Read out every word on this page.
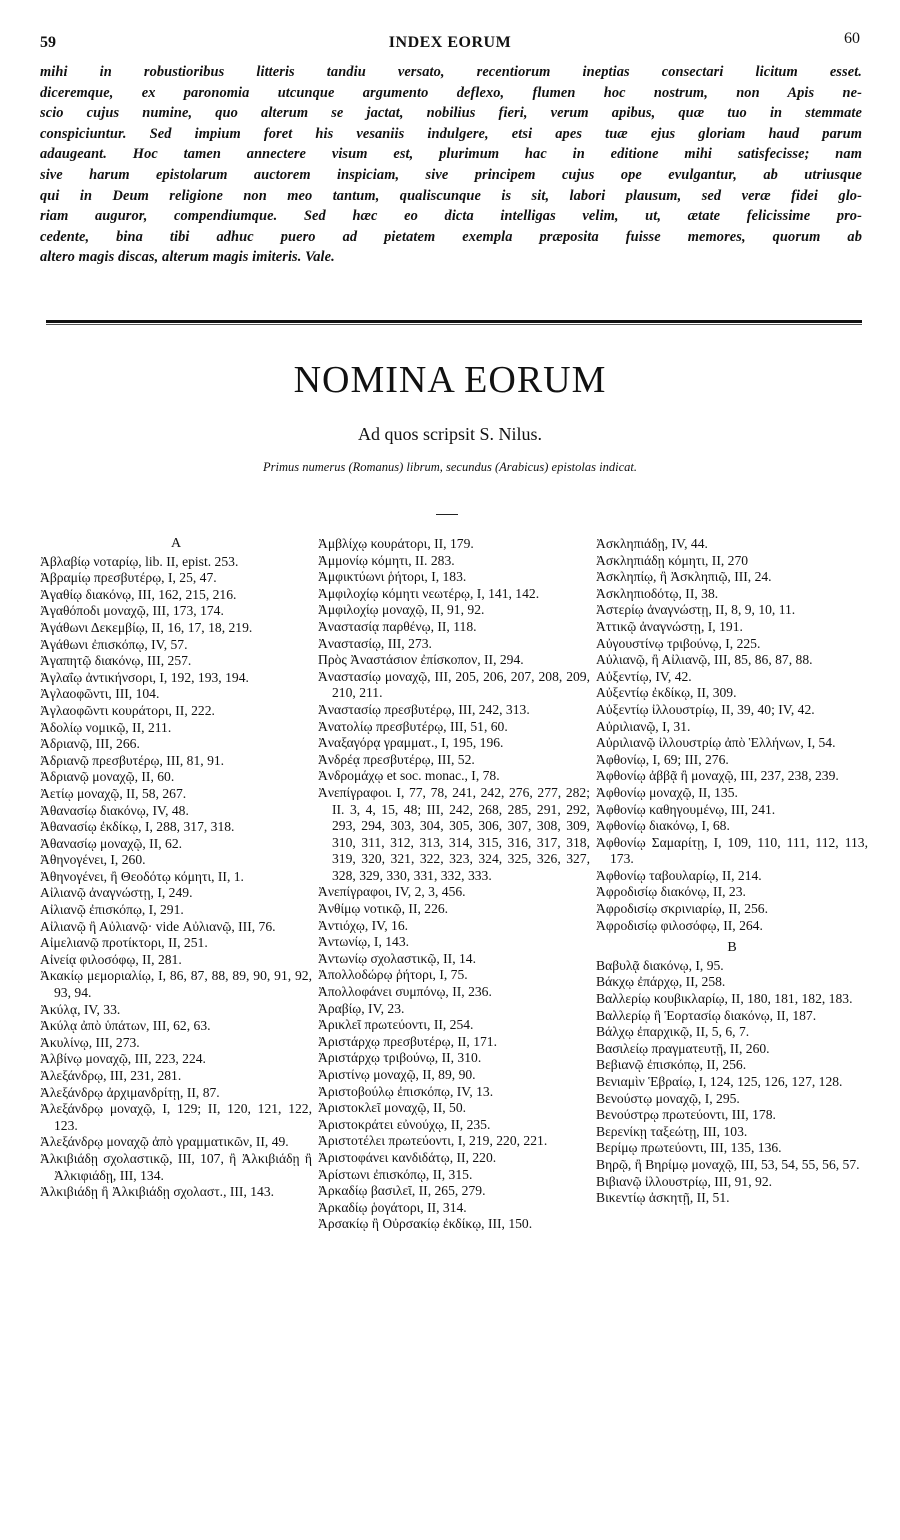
59	INDEX EORUM	60
mihi in robustioribus litteris tandiu versato, recentiorum ineptias consectari licitum esset.
diceremque, ex paronomia utcunque argumento deflexo, flumen hoc nostrum, non Apis ne-
scio cujus numine, quo alterum se jactat, nobilius fieri, verum apibus, quæ tuo in stemmate
conspiciuntur. Sed impium foret his vesaniis indulgere, etsi apes tuæ ejus gloriam haud parum
adaugeant. Hoc tamen annectere visum est, plurimum hac in editione mihi satisfecisse; nam
sive harum epistolarum auctorem inspiciam, sive principem cujus ope evulgantur, ab utriusque
qui in Deum religione non meo tantum, qualiscunque is sit, labori plausum, sed veræ fidei glo-
riam auguror, compendiumque. Sed hæc eo dicta intelligas velim, ut, ætate felicissime pro-
cedente, bina tibi adhuc puero ad pietatem exempla præposita fuisse memores, quorum ab
altero magis discas, alterum magis imiteris. Vale.
NOMINA EORUM
Ad quos scripsit S. Nilus.
Primus numerus (Romanus) librum, secundus (Arabicus) epistolas indicat.
A
Ἀβλαβίῳ νοταρίῳ, lib. II, epist. 253.
Ἀβραμίῳ πρεσβυτέρῳ, I, 25, 47.
Ἀγαθίῳ διακόνῳ, III, 162, 215, 216.
Ἀγαθόποδι μοναχῷ, III, 173, 174.
Ἀγάθωνι Δεκεμβίῳ, II, 16, 17, 18, 219.
Ἀγάθωνι ἐπισκόπῳ, IV, 57.
Ἀγαπητῷ διακόνῳ, III, 257.
Ἀγλαΐῳ ἀντικήνσορι, I, 192, 193, 194.
Ἀγλαοφῶντι, III, 104.
Ἀγλαοφῶντι κουράτορι, II, 222.
Ἀδολίῳ νομικῷ, II, 211.
Ἀδριανῷ, III, 266.
Ἀδριανῷ πρεσβυτέρῳ, III, 81, 91.
Ἀδριανῷ μοναχῷ, II, 60.
Ἀετίῳ μοναχῷ, II, 58, 267.
Ἀθανασίῳ διακόνῳ, IV, 48.
Ἀθανασίῳ ἐκδίκῳ, I, 288, 317, 318.
Ἀθανασίῳ μοναχῷ, II, 62.
Ἀθηνογένει, I, 260.
Ἀθηνογένει, ἢ Θεοδότῳ κόμητι, II, 1.
Αἰλιανῷ ἀναγνώστῃ, I, 249.
Αἰλιανῷ ἐπισκόπῳ, I, 291.
Αἰλιανῷ ἢ Αὐλιανῷ· vide Αὐλιανῷ, III, 76.
Αἰμελιανῷ προτίκτορι, II, 251.
Αἰνείᾳ φιλοσόφῳ, II, 281.
Ἀκακίῳ μεμοριαλίῳ, I, 86, 87, 88, 89, 90, 91, 92, 93, 94.
Ἀκύλᾳ, IV, 33.
Ἀκύλᾳ ἀπὸ ὑπάτων, III, 62, 63.
Ἀκυλίνῳ, III, 273.
Ἀλβίνῳ μοναχῷ, III, 223, 224.
Ἀλεξάνδρῳ, III, 231, 281.
Ἀλεξάνδρῳ ἀρχιμανδρίτῃ, II, 87.
Ἀλεξάνδρῳ μοναχῷ, I, 129; II, 120, 121, 122, 123.
Ἀλεξάνδρῳ μοναχῷ ἀπὸ γραμματικῶν, II, 49.
Ἀλκιβιάδῃ σχολαστικῷ, III, 107, ἢ Ἀλκιβιάδῃ ἢ Ἀλκιφιάδῃ, III, 134.
Ἀλκιβιάδῃ ἢ Ἀλκιβιάδῃ σχολαστ., III, 143.
Ἀμβλίχῳ κουράτορι, II, 179.
Ἀμμονίῳ κόμητι, II. 283.
Ἀμφικτύωνι ῥήτορι, I, 183.
Ἀμφιλοχίῳ κόμητι νεωτέρῳ, I, 141, 142.
Ἀμφιλοχίῳ μοναχῷ, II, 91, 92.
Ἀναστασίᾳ παρθένῳ, II, 118.
Ἀναστασίῳ, III, 273.
Πρὸς Ἀναστάσιον ἐπίσκοπον, II, 294.
Ἀναστασίῳ μοναχῷ, III, 205, 206, 207, 208, 209, 210, 211.
Ἀναστασίῳ πρεσβυτέρῳ, III, 242, 313.
Ἀνατολίῳ πρεσβυτέρῳ, III, 51, 60.
Ἀναξαγόρᾳ γραμματ., I, 195, 196.
Ἀνδρέᾳ πρεσβυτέρῳ, III, 52.
Ἀνδρομάχῳ et soc. monac., I, 78.
Ἀνεπίγραφοι. I, 77, 78, 241, 242, 276, 277, 282; II. 3, 4, 15, 48; III, 242, 268, 285, 291, 292, 293, 294, 303, 304, 305, 306, 307, 308, 309, 310, 311, 312, 313, 314, 315, 316, 317, 318, 319, 320, 321, 322, 323, 324, 325, 326, 327, 328, 329, 330, 331, 332, 333.
Ἀνεπίγραφοι, IV, 2, 3, 456.
Ἀνθίμῳ νοτικῷ, II, 226.
Ἀντιόχῳ, IV, 16.
Ἀντωνίῳ, I, 143.
Ἀντωνίῳ σχολαστικῷ, II, 14.
Ἀπολλοδώρῳ ῥήτορι, I, 75.
Ἀπολλοφάνει συμπόνῳ, II, 236.
Ἀραβίῳ, IV, 23.
Ἀρικλεῖ πρωτεύοντι, II, 254.
Ἀριστάρχῳ πρεσβυτέρῳ, II, 171.
Ἀριστάρχῳ τριβούνῳ, II, 310.
Ἀριστίνῳ μοναχῷ, II, 89, 90.
Ἀριστοβούλῳ ἐπισκόπῳ, IV, 13.
Ἀριστοκλεῖ μοναχῷ, II, 50.
Ἀριστοκράτει εὐνούχῳ, II, 235.
Ἀριστοτέλει πρωτεύοντι, I, 219, 220, 221.
Ἀριστοφάνει κανδιδάτῳ, II, 220.
Ἀρίστωνι ἐπισκόπῳ, II, 315.
Ἀρκαδίῳ βασιλεῖ, II, 265, 279.
Ἀρκαδίῳ ῥογάτορι, II, 314.
Ἀρσακίῳ ἢ Οὐρσακίῳ ἐκδίκῳ, III, 150.
Ἀσκληπιάδῃ, IV, 44.
Ἀσκληπιάδῃ κόμητι, II, 270
Ἀσκληπίῳ, ἢ Ἀσκληπιῷ, III, 24.
Ἀσκληπιοδότῳ, II, 38.
Ἀστερίῳ ἀναγνώστῃ, II, 8, 9, 10, 11.
Ἀττικῷ ἀναγνώστῃ, I, 191.
Αὐγουστίνῳ τριβούνῳ, I, 225.
Αὐλιανῷ, ἢ Αἰλιανῷ, III, 85, 86, 87, 88.
Αὐξεντίῳ, IV, 42.
Αὐξεντίῳ ἐκδίκῳ, II, 309.
Αὐξεντίῳ ἰλλουστρίῳ, II, 39, 40; IV, 42.
Αὐριλιανῷ, I, 31.
Αὐριλιανῷ ἰλλουστρίῳ ἀπὸ Ἑλλήνων, I, 54.
Ἀφθονίῳ, I, 69; III, 276.
Ἀφθονίῳ ἀββᾷ ἢ μοναχῷ, III, 237, 238, 239.
Ἀφθονίῳ μοναχῷ, II, 135.
Ἀφθονίῳ καθηγουμένῳ, III, 241.
Ἀφθονίῳ διακόνῳ, I, 68.
Ἀφθονίῳ Σαμαρίτῃ, I, 109, 110, 111, 112, 113, 173.
Ἀφθονίῳ ταβουλαρίῳ, II, 214.
Ἀφροδισίῳ διακόνῳ, II, 23.
Ἀφροδισίῳ σκρινιαρίῳ, II, 256.
Ἀφροδισίῳ φιλοσόφῳ, II, 264.
B
Βαβυλᾷ διακόνῳ, I, 95.
Βάκχῳ ἐπάρχῳ, II, 258.
Βαλλερίῳ κουβικλαρίῳ, II, 180, 181, 182, 183.
Βαλλερίῳ ἢ Ἑορτασίῳ διακόνῳ, II, 187.
Βάλχῳ ἐπαρχικῷ, II, 5, 6, 7.
Βασιλείῳ πραγματευτῇ, II, 260.
Βεβιανῷ ἐπισκόπῳ, II, 256.
Βενιαμὶν Ἑβραίῳ, I, 124, 125, 126, 127, 128.
Βενούστῳ μοναχῷ, I, 295.
Βενούστρῳ πρωτεύοντι, III, 178.
Βερενίκῃ ταξεώτῃ, III, 103.
Βερίμῳ πρωτεύοντι, III, 135, 136.
Βηρῷ, ἢ Βηρίμῳ μοναχῷ, III, 53, 54, 55, 56, 57.
Βιβιανῷ ἰλλουστρίῳ, III, 91, 92.
Βικεντίῳ ἀσκητῇ, II, 51.
